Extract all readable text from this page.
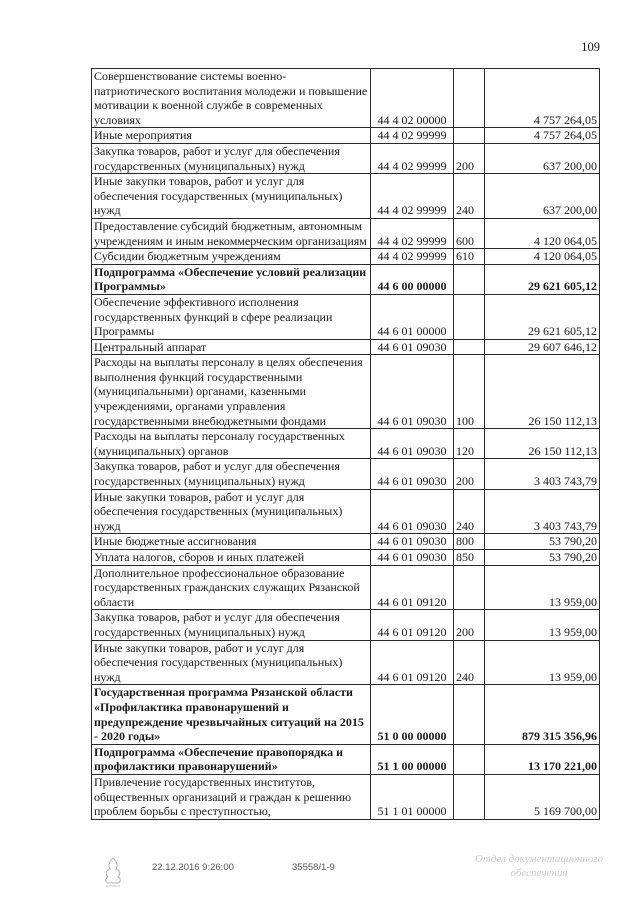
109
Совершенствование системы военно-патриотического воспитания молодежи и повышение мотивации к военной службе в современных условиях	44 4 02 00000		4 757 264,05
Иные мероприятия	44 4 02 99999		4 757 264,05
Закупка товаров, работ и услуг для обеспечения государственных (муниципальных) нужд	44 4 02 99999	200	637 200,00
Иные закупки товаров, работ и услуг для обеспечения государственных (муниципальных) нужд	44 4 02 99999	240	637 200,00
Предоставление субсидий бюджетным, автономным учреждениям и иным некоммерческим организациям	44 4 02 99999	600	4 120 064,05
Субсидии бюджетным учреждениям	44 4 02 99999	610	4 120 064,05
Подпрограмма «Обеспечение условий реализации Программы»	44 6 00 00000		29 621 605,12
Обеспечение эффективного исполнения государственных функций в сфере реализации Программы	44 6 01 00000		29 621 605,12
Центральный аппарат	44 6 01 09030		29 607 646,12
Расходы на выплаты персоналу в целях обеспечения выполнения функций государственными (муниципальными) органами, казенными учреждениями, органами управления государственными внебюджетными фондами	44 6 01 09030	100	26 150 112,13
Расходы на выплаты персоналу государственных (муниципальных) органов	44 6 01 09030	120	26 150 112,13
Закупка товаров, работ и услуг для обеспечения государственных (муниципальных) нужд	44 6 01 09030	200	3 403 743,79
Иные закупки товаров, работ и услуг для обеспечения государственных (муниципальных) нужд	44 6 01 09030	240	3 403 743,79
Иные бюджетные ассигнования	44 6 01 09030	800	53 790,20
Уплата налогов, сборов и иных платежей	44 6 01 09030	850	53 790,20
Дополнительное профессиональное образование государственных гражданских служащих Рязанской области	44 6 01 09120		13 959,00
Закупка товаров, работ и услуг для обеспечения государственных (муниципальных) нужд	44 6 01 09120	200	13 959,00
Иные закупки товаров, работ и услуг для обеспечения государственных (муниципальных) нужд	44 6 01 09120	240	13 959,00
Государственная программа Рязанской области «Профилактика правонарушений и предупреждение чрезвычайных ситуаций на 2015 - 2020 годы»	51 0 00 00000		879 315 356,96
Подпрограмма «Обеспечение правопорядка и профилактики правонарушений»	51 1 00 00000		13 170 221,00
Привлечение государственных институтов, общественных организаций и граждан к решению проблем борьбы с преступностью,	51 1 01 00000		5 169 700,00
22.12.2016 9:26:00	35558/1-9
Отдел документационного
обеспечения
